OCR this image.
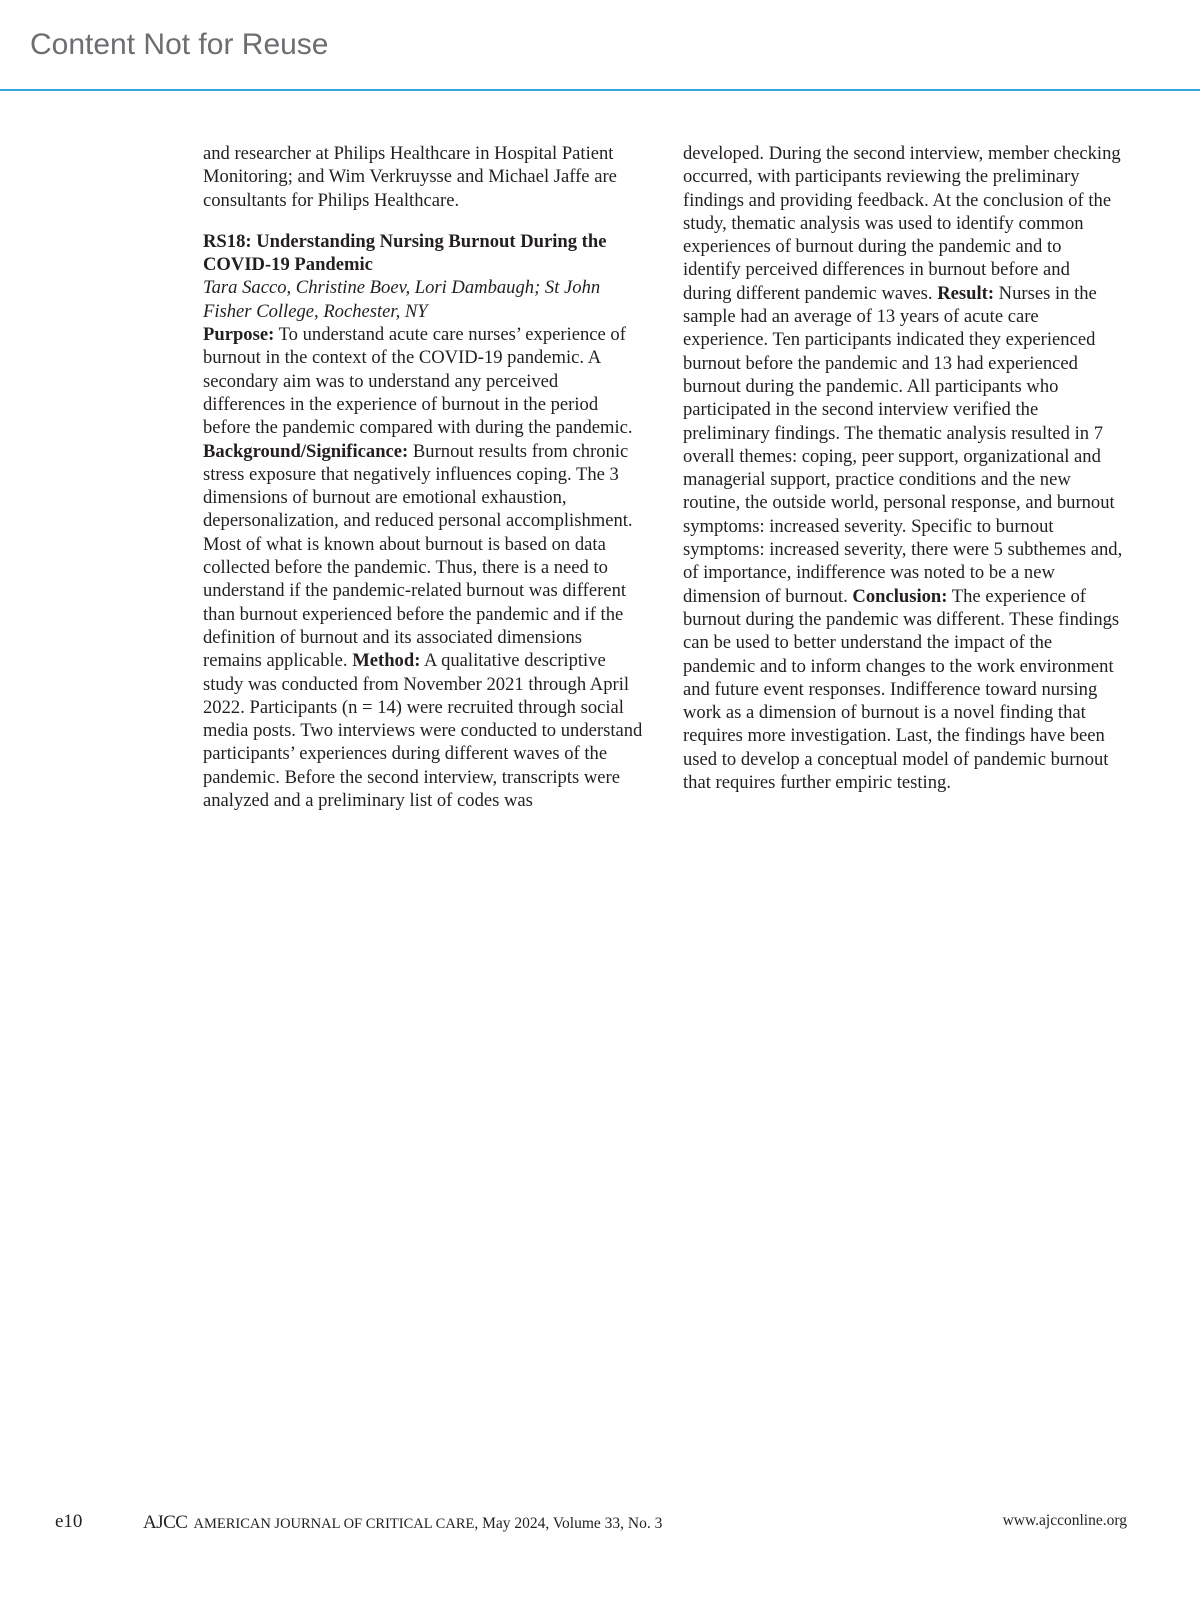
Content Not for Reuse

and researcher at Philips Healthcare in Hospital Patient Monitoring; and Wim Verkruysse and Michael Jaffe are consultants for Philips Healthcare.

RS18: Understanding Nursing Burnout During the COVID-19 Pandemic

Tara Sacco, Christine Boev, Lori Dambaugh; St John Fisher College, Rochester, NY

Purpose: To understand acute care nurses’ experience of burnout in the context of the COVID-19 pandemic. A secondary aim was to understand any perceived differences in the experience of burnout in the period before the pandemic compared with during the pandemic. Background/Significance: Burnout results from chronic stress exposure that negatively influences coping. The 3 dimensions of burnout are emotional exhaustion, depersonalization, and reduced personal accomplishment. Most of what is known about burnout is based on data collected before the pandemic. Thus, there is a need to understand if the pandemic-related burnout was different than burnout experienced before the pandemic and if the definition of burnout and its associated dimensions remains applicable. Method: A qualitative descriptive study was conducted from November 2021 through April 2022. Participants (n = 14) were recruited through social media posts. Two interviews were conducted to understand participants’ experiences during different waves of the pandemic. Before the second interview, transcripts were analyzed and a preliminary list of codes was

developed. During the second interview, member checking occurred, with participants reviewing the preliminary findings and providing feedback. At the conclusion of the study, thematic analysis was used to identify common experiences of burnout during the pandemic and to identify perceived differences in burnout before and during different pandemic waves. Result: Nurses in the sample had an average of 13 years of acute care experience. Ten participants indicated they experienced burnout before the pandemic and 13 had experienced burnout during the pandemic. All participants who participated in the second interview verified the preliminary findings. The thematic analysis resulted in 7 overall themes: coping, peer support, organizational and managerial support, practice conditions and the new routine, the outside world, personal response, and burnout symptoms: increased severity. Specific to burnout symptoms: increased severity, there were 5 subthemes and, of importance, indifference was noted to be a new dimension of burnout. Conclusion: The experience of burnout during the pandemic was different. These findings can be used to better understand the impact of the pandemic and to inform changes to the work environment and future event responses. Indifference toward nursing work as a dimension of burnout is a novel finding that requires more investigation. Last, the findings have been used to develop a conceptual model of pandemic burnout that requires further empiric testing.

e10	AJCC AMERICAN JOURNAL OF CRITICAL CARE, May 2024, Volume 33, No. 3	www.ajcconline.org
